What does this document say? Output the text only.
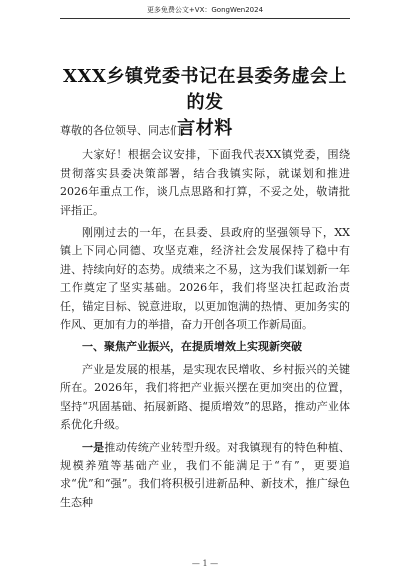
更多免费公文+VX：GongWen2024
XXX乡镇党委书记在县委务虚会上的发
言材料

尊敬的各位领导、同志们：

大家好！根据会议安排，下面我代表XX镇党委，围绕贯彻落实县委决策部署，结合我镇实际，就谋划和推进2026年重点工作，谈几点思路和打算，不妥之处，敬请批评指正。

刚刚过去的一年，在县委、县政府的坚强领导下，XX镇上下同心同德、攻坚克难，经济社会发展保持了稳中有进、持续向好的态势。成绩来之不易，这为我们谋划新一年工作奠定了坚实基础。2026年，我们将坚决扛起政治责任，锚定目标、锐意进取，以更加饱满的热情、更加务实的作风、更加有力的举措，奋力开创各项工作新局面。

一、聚焦产业振兴，在提质增效上实现新突破

产业是发展的根基，是实现农民增收、乡村振兴的关键所在。2026年，我们将把产业振兴摆在更加突出的位置，坚持“巩固基础、拓展新路、提质增效”的思路，推动产业体系优化升级。

一是推动传统产业转型升级。对我镇现有的特色种植、规模养殖等基础产业，我们不能满足于“有”，更要追求“优”和“强”。我们将积极引进新品种、新技术，推广绿色生态种

— 1 —
